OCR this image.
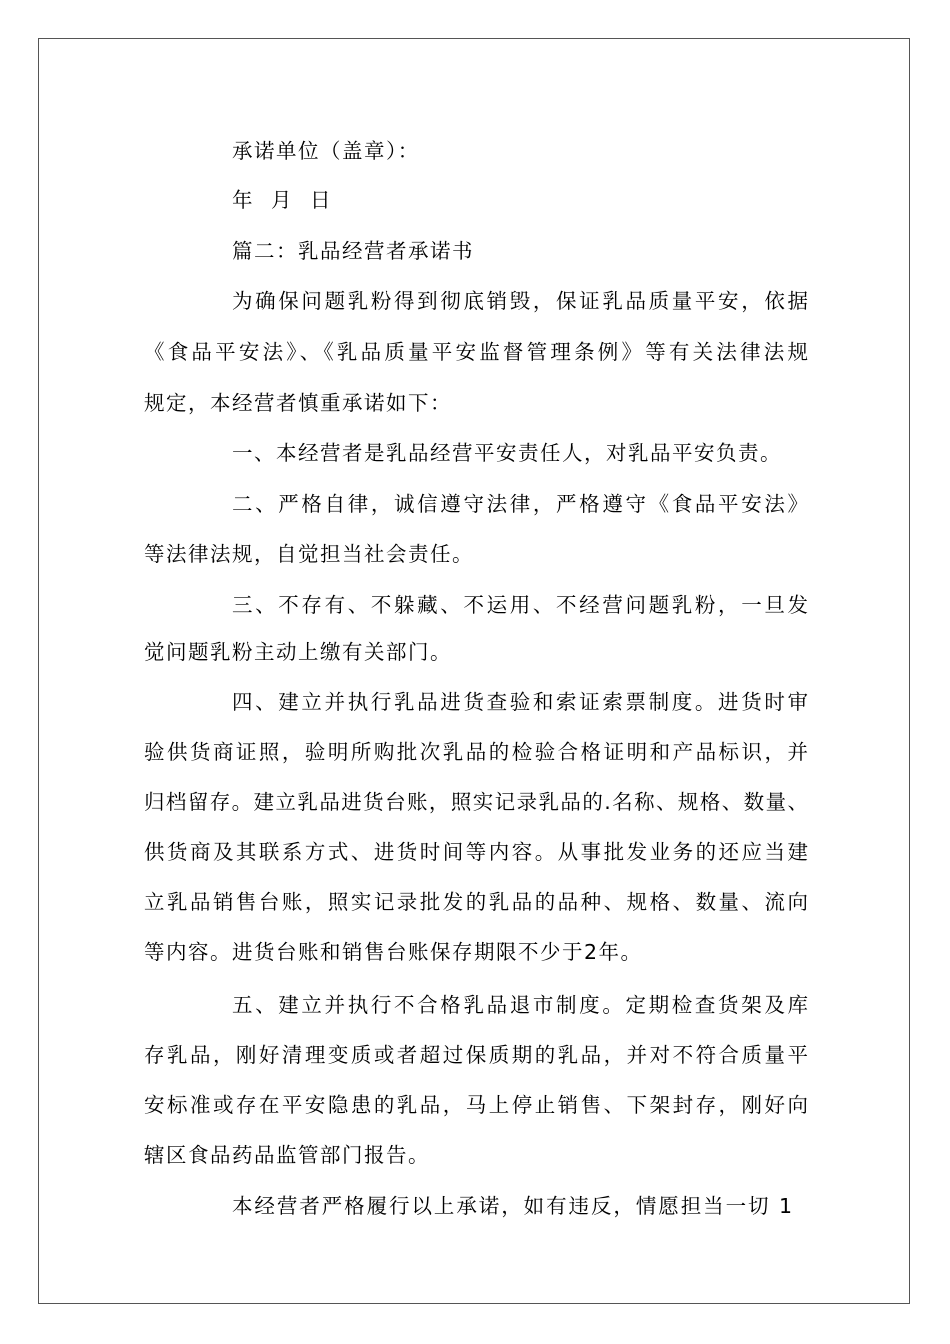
承诺单位（盖章）：
年 月 日
篇二：乳品经营者承诺书
为确保问题乳粉得到彻底销毁，保证乳品质量平安，依据
《食品平安法》、《乳品质量平安监督管理条例》等有关法律法规
规定，本经营者慎重承诺如下：
一、本经营者是乳品经营平安责任人，对乳品平安负责。
二、严格自律，诚信遵守法律，严格遵守《食品平安法》
等法律法规，自觉担当社会责任。
三、不存有、不躲藏、不运用、不经营问题乳粉，一旦发
觉问题乳粉主动上缴有关部门。
四、建立并执行乳品进货查验和索证索票制度。进货时审
验供货商证照，验明所购批次乳品的检验合格证明和产品标识，并
归档留存。建立乳品进货台账，照实记录乳品的.名称、规格、数量、
供货商及其联系方式、进货时间等内容。从事批发业务的还应当建
立乳品销售台账，照实记录批发的乳品的品种、规格、数量、流向
等内容。进货台账和销售台账保存期限不少于2年。
五、建立并执行不合格乳品退市制度。定期检查货架及库
存乳品，刚好清理变质或者超过保质期的乳品，并对不符合质量平
安标准或存在平安隐患的乳品，马上停止销售、下架封存，刚好向
辖区食品药品监管部门报告。
本经营者严格履行以上承诺，如有违反，情愿担当一切 1
